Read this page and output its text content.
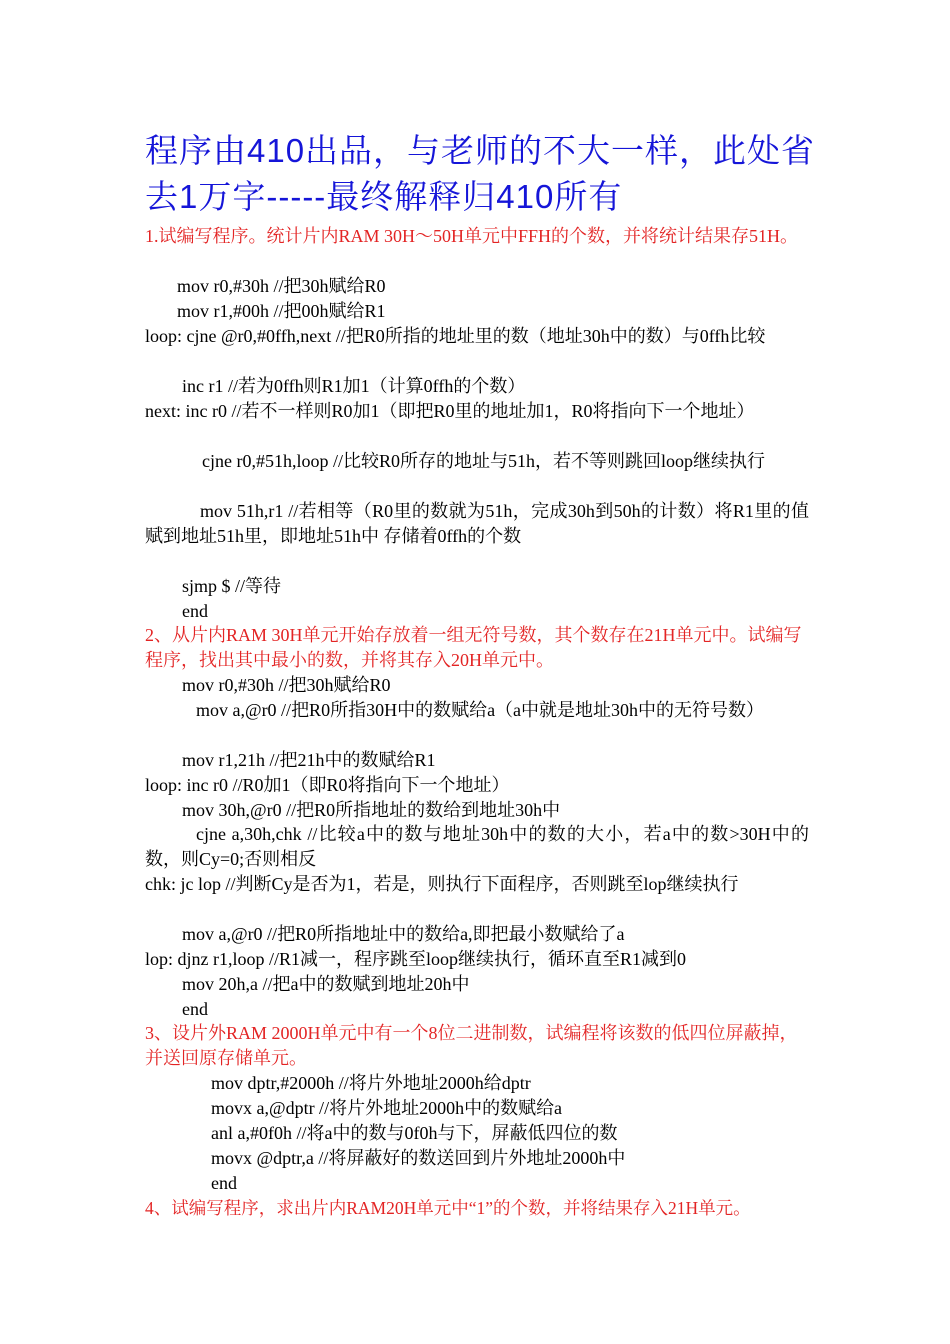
程序由410出品，与老师的不大一样，此处省去1万字-----最终解释归410所有
1.试编写程序。统计片内RAM 30H～50H单元中FFH的个数，并将统计结果存51H。
mov r0,#30h //把30h赋给R0
mov r1,#00h //把00h赋给R1
loop: cjne @r0,#0ffh,next //把R0所指的地址里的数（地址30h中的数）与0ffh比较
inc r1 //若为0ffh则R1加1（计算0ffh的个数）
next: inc r0 //若不一样则R0加1（即把R0里的地址加1，R0将指向下一个地址）
cjne r0,#51h,loop //比较R0所存的地址与51h，若不等则跳回loop继续执行
mov 51h,r1 //若相等（R0里的数就为51h，完成30h到50h的计数）将R1里的值赋到地址51h里，即地址51h中 存储着0ffh的个数
sjmp $ //等待
end
2、从片内RAM 30H单元开始存放着一组无符号数，其个数存在21H单元中。试编写程序，找出其中最小的数，并将其存入20H单元中。
mov r0,#30h //把30h赋给R0
mov a,@r0 //把R0所指30H中的数赋给a（a中就是地址30h中的无符号数）
mov r1,21h //把21h中的数赋给R1
loop: inc r0 //R0加1（即R0将指向下一个地址）
mov 30h,@r0 //把R0所指地址的数给到地址30h中
cjne a,30h,chk //比较a中的数与地址30h中的数的大小，若a中的数>30H中的数，则Cy=0;否则相反
chk: jc lop //判断Cy是否为1，若是，则执行下面程序，否则跳至lop继续执行
mov a,@r0 //把R0所指地址中的数给a,即把最小数赋给了a
lop: djnz r1,loop //R1减一，程序跳至loop继续执行，循环直至R1减到0
mov 20h,a //把a中的数赋到地址20h中
end
3、设片外RAM 2000H单元中有一个8位二进制数，试编程将该数的低四位屏蔽掉，并送回原存储单元。
mov dptr,#2000h //将片外地址2000h给dptr
movx a,@dptr //将片外地址2000h中的数赋给a
anl a,#0f0h //将a中的数与0f0h与下，屏蔽低四位的数
movx @dptr,a //将屏蔽好的数送回到片外地址2000h中
end
4、试编写程序，求出片内RAM20H单元中“1”的个数，并将结果存入21H单元。
